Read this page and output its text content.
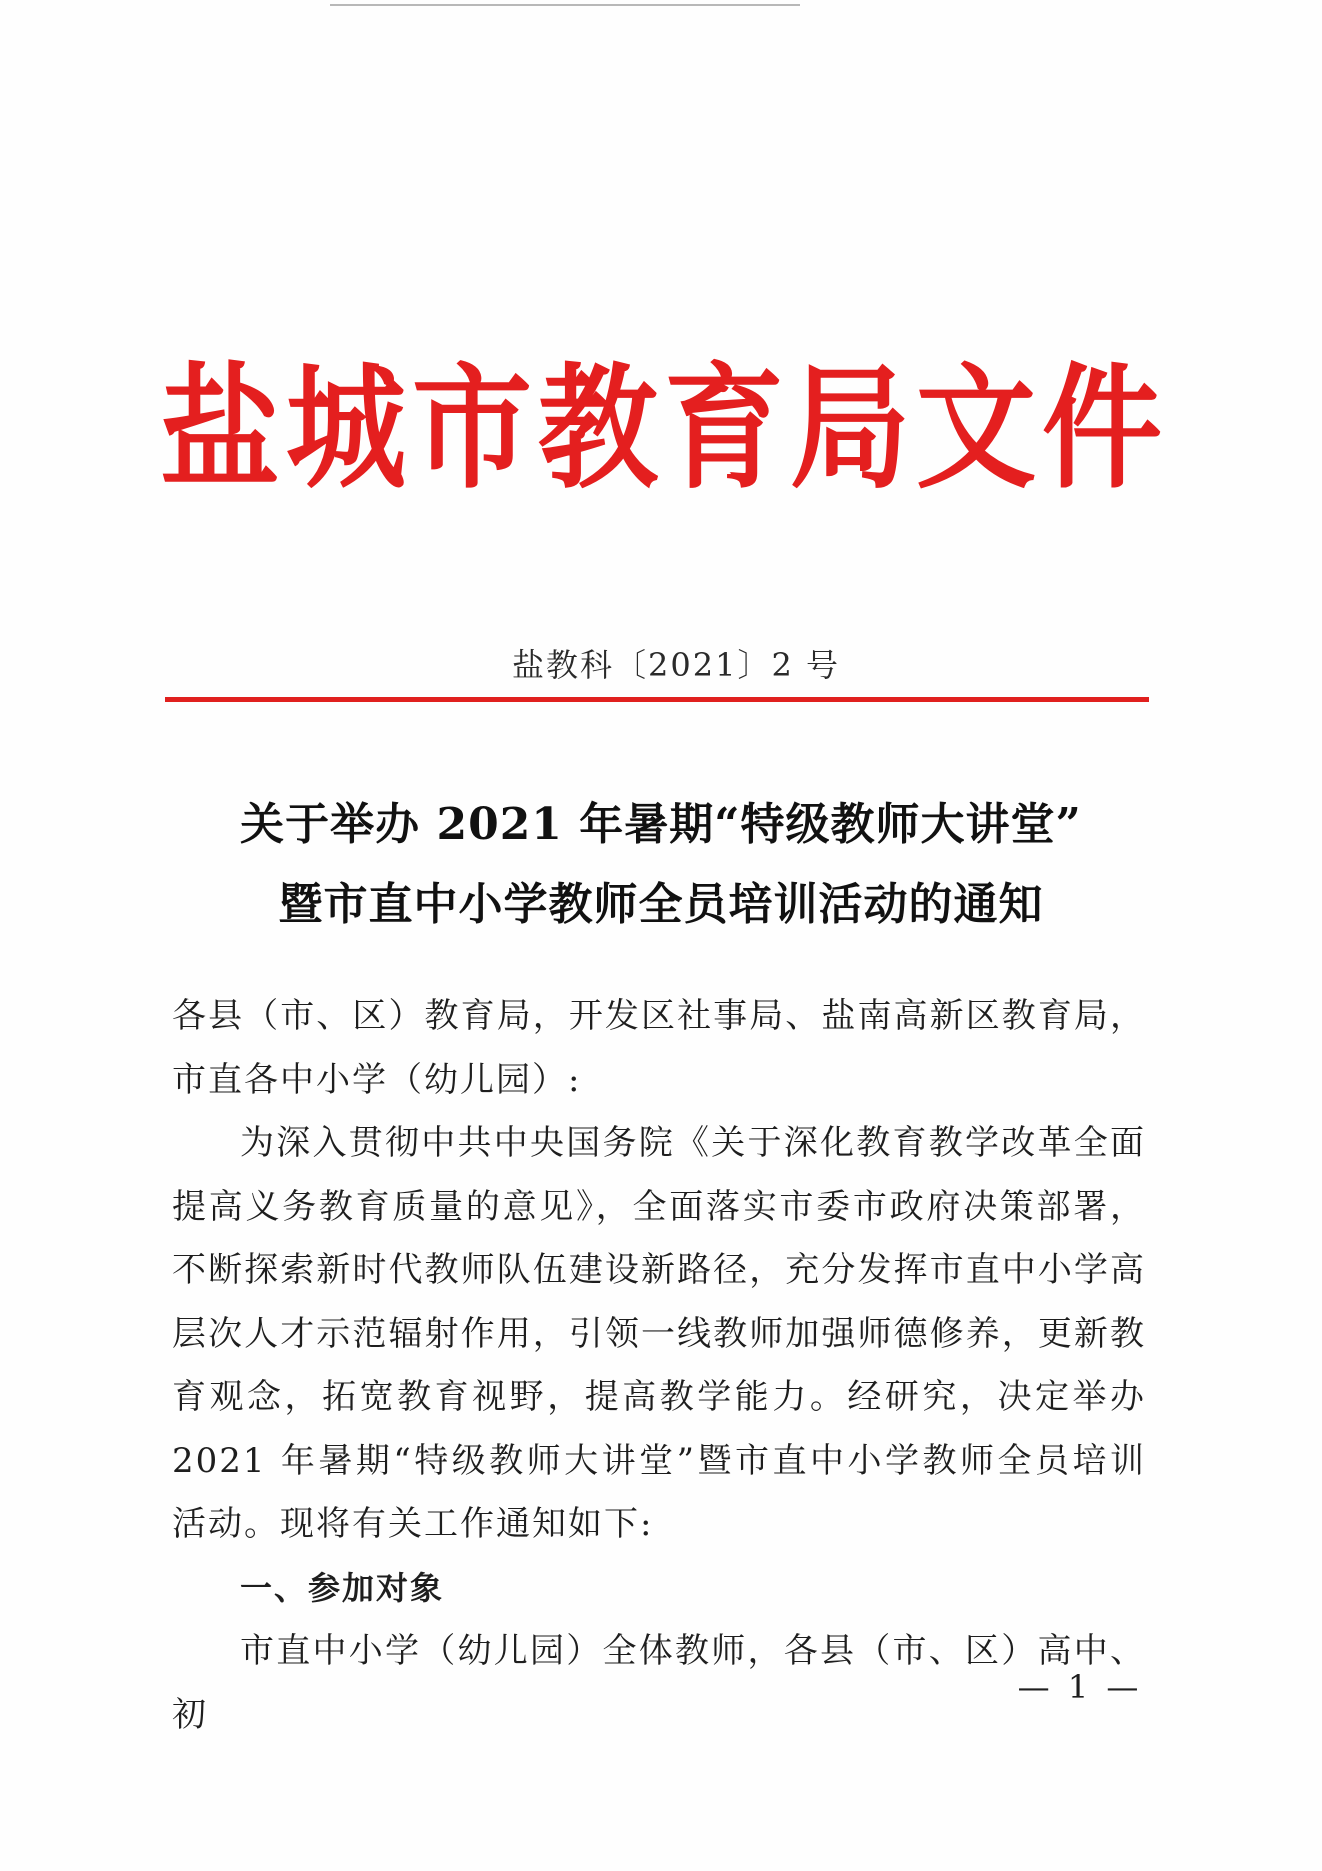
盐城市教育局文件
盐教科〔2021〕2 号
关于举办 2021 年暑期“特级教师大讲堂”
暨市直中小学教师全员培训活动的通知

各县（市、区）教育局，开发区社事局、盐南高新区教育局，市直各中小学（幼儿园）:

为深入贯彻中共中央国务院《关于深化教育教学改革全面提高义务教育质量的意见》，全面落实市委市政府决策部署，不断探索新时代教师队伍建设新路径，充分发挥市直中小学高层次人才示范辐射作用，引领一线教师加强师德修养，更新教育观念，拓宽教育视野，提高教学能力。经研究，决定举办 2021 年暑期“特级教师大讲堂”暨市直中小学教师全员培训活动。现将有关工作通知如下:

一、参加对象

市直中小学（幼儿园）全体教师，各县（市、区）高中、初

— 1 —
